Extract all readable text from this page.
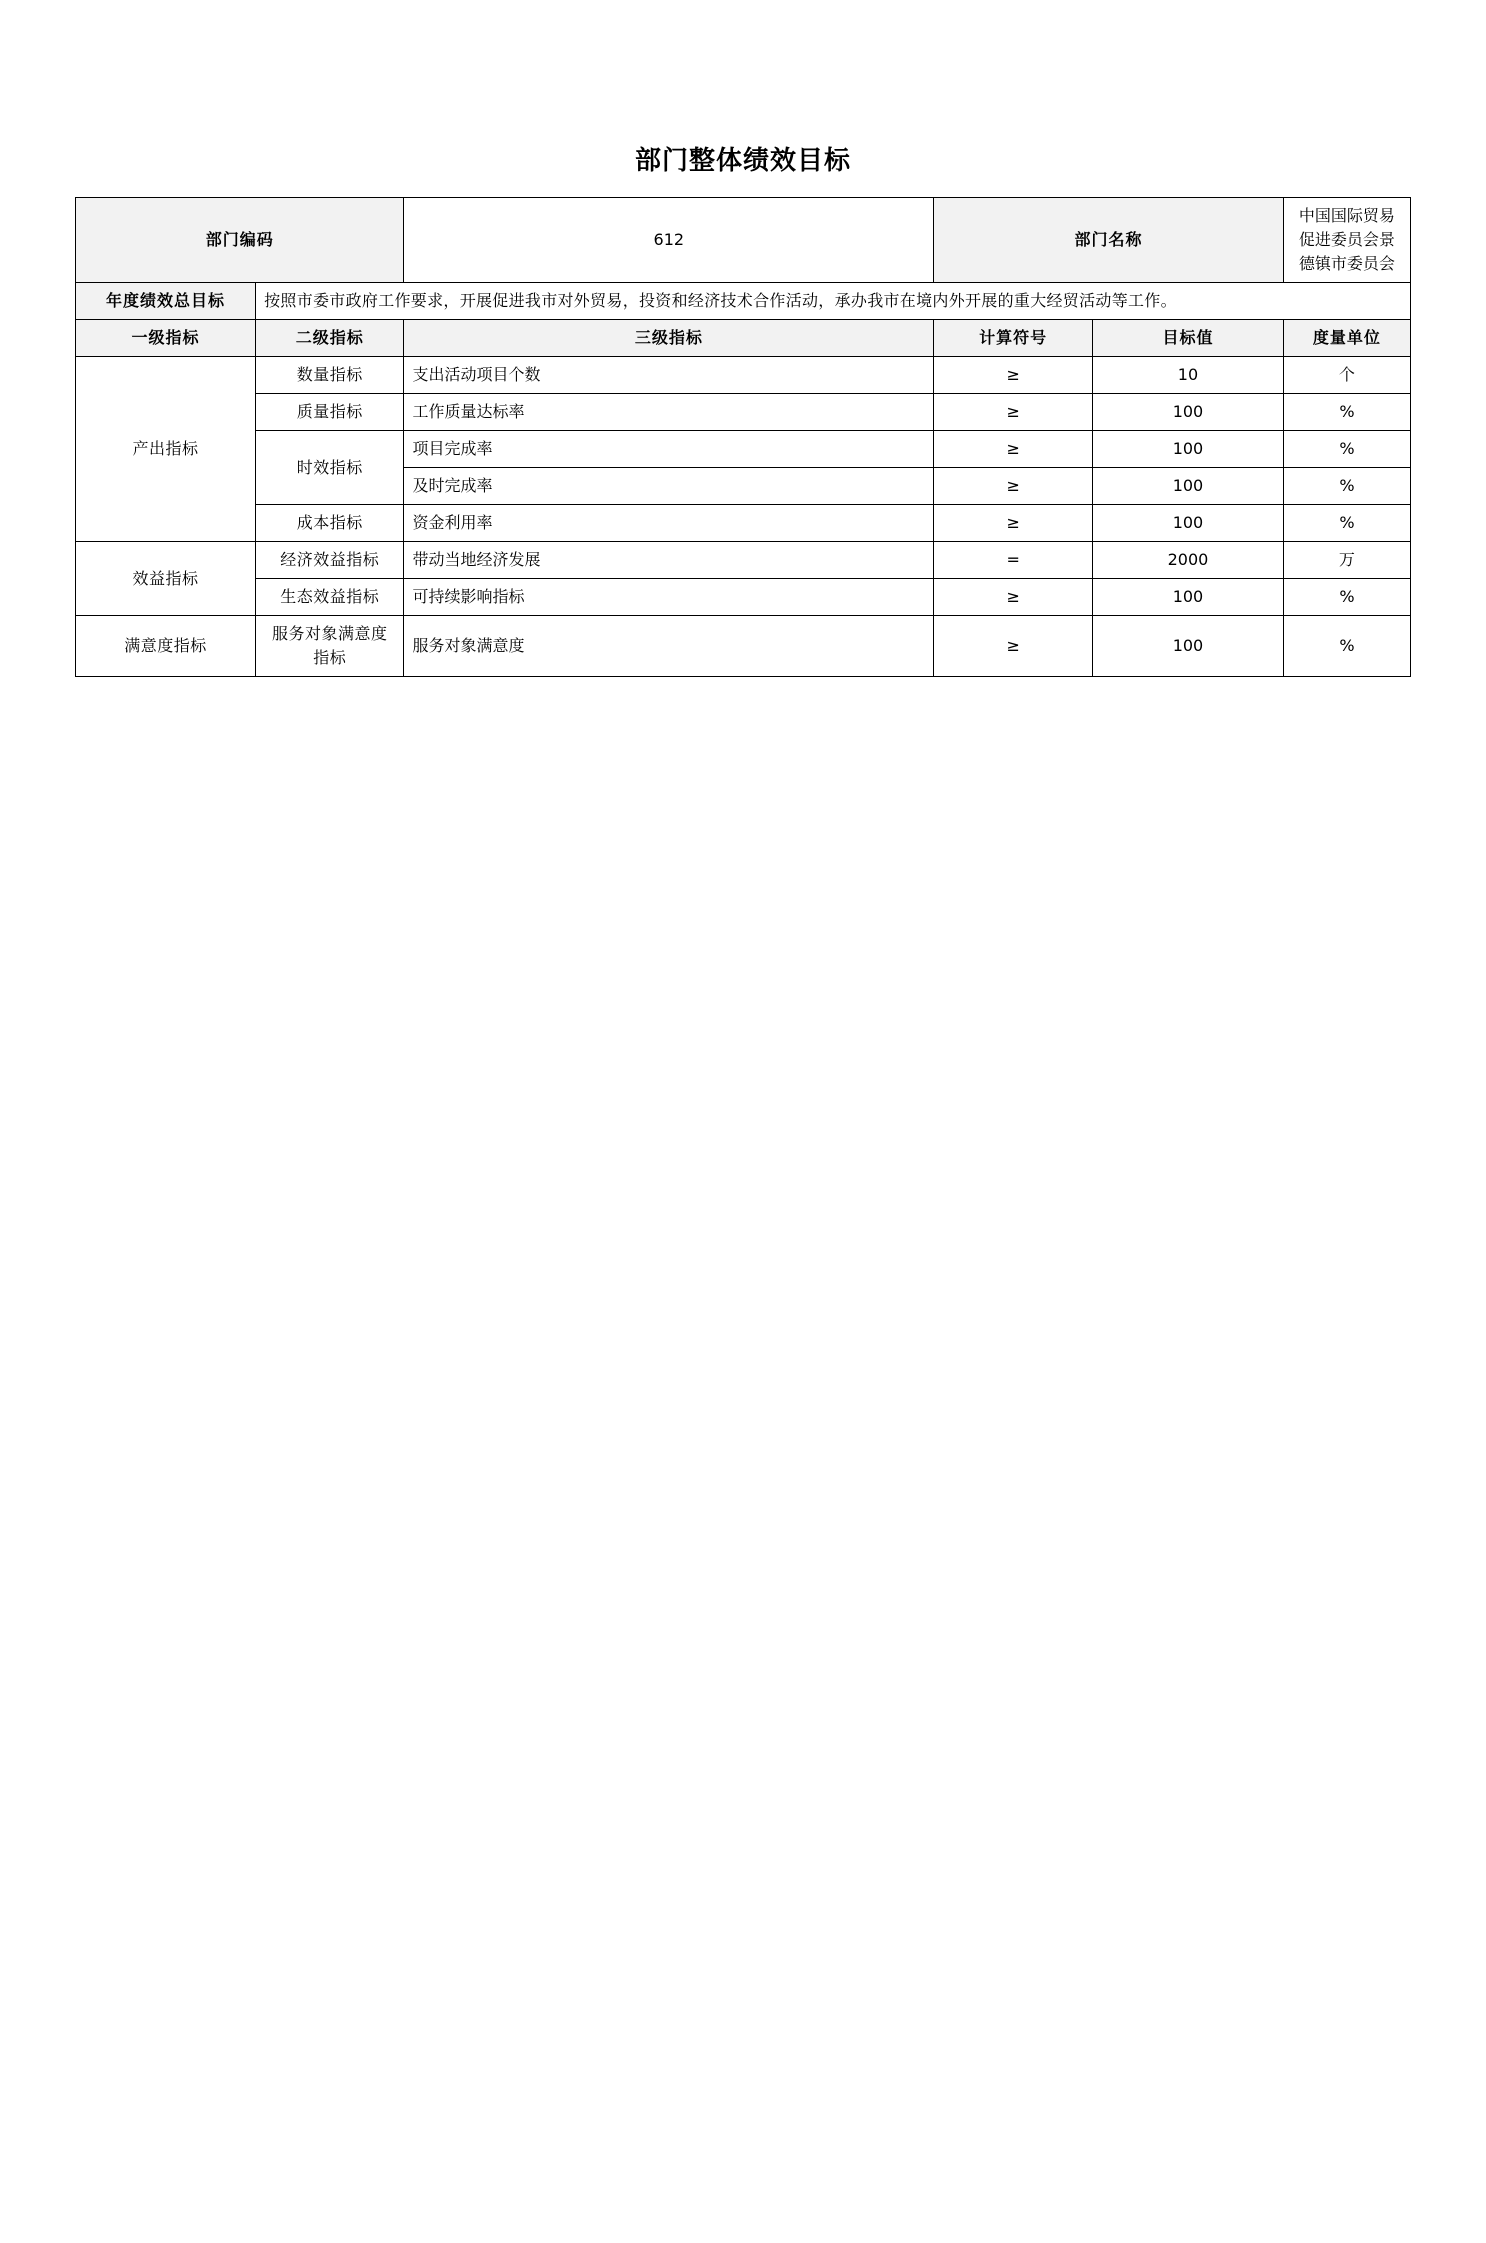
部门整体绩效目标
部门编码		612	部门名称		中国国际贸易促进委员会景德镇市委员会
年度绩效总目标	按照市委市政府工作要求，开展促进我市对外贸易，投资和经济技术合作活动，承办我市在境内外开展的重大经贸活动等工作。				
一级指标	二级指标	三级指标	计算符号	目标值	度量单位
产出指标	数量指标	支出活动项目个数	≥	10	个
	质量指标	工作质量达标率	≥	100	%
	时效指标	项目完成率	≥	100	%
		及时完成率	≥	100	%
	成本指标	资金利用率	≥	100	%
效益指标	经济效益指标	带动当地经济发展	=	2000	万
	生态效益指标	可持续影响指标	≥	100	%
满意度指标	服务对象满意度指标	服务对象满意度	≥	100	%
